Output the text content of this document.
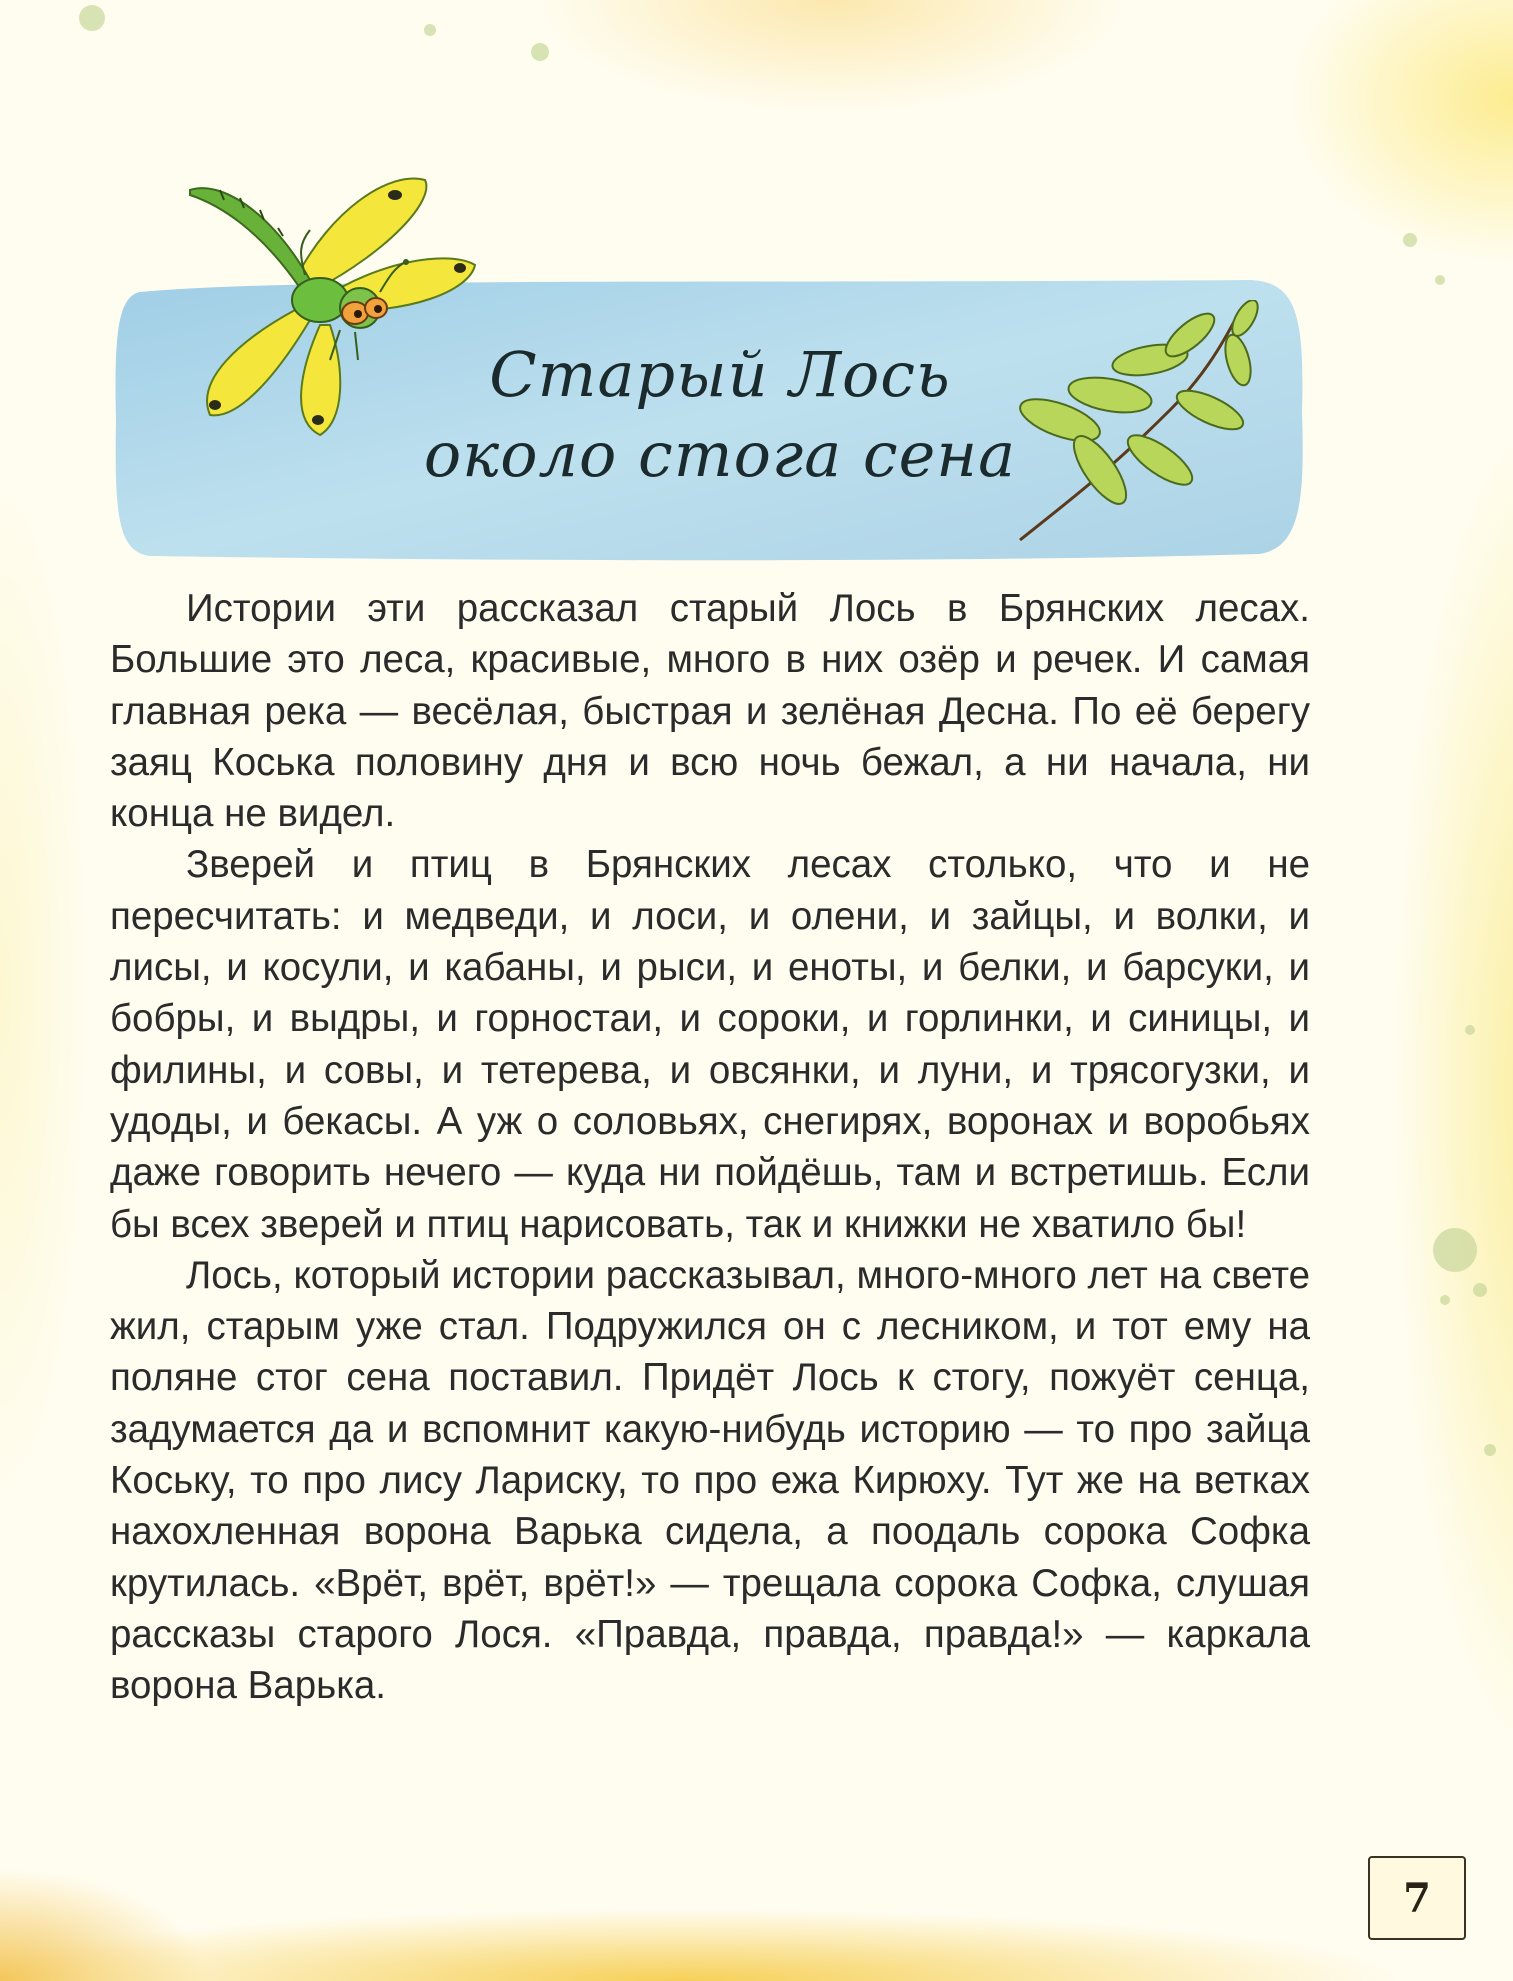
Старый Лось
около стога сена

Истории эти рассказал старый Лось в Брянских лесах. Большие это леса, красивые, много в них озёр и речек. И самая главная река — весёлая, быстрая и зелёная Десна. По её берегу заяц Коська половину дня и всю ночь бежал, а ни начала, ни конца не видел.

Зверей и птиц в Брянских лесах столько, что и не пересчитать: и медведи, и лоси, и олени, и зайцы, и волки, и лисы, и косули, и кабаны, и рыси, и еноты, и белки, и барсуки, и бобры, и выдры, и горностаи, и сороки, и горлинки, и синицы, и филины, и совы, и тетерева, и овсянки, и луни, и трясогузки, и удоды, и бекасы. А уж о соловьях, снегирях, воронах и воробьях даже говорить нечего — куда ни пойдёшь, там и встретишь. Если бы всех зверей и птиц нарисовать, так и книжки не хватило бы!

Лось, который истории рассказывал, много-много лет на свете жил, старым уже стал. Подружился он с лесником, и тот ему на поляне стог сена поставил. Придёт Лось к стогу, пожуёт сенца, задумается да и вспомнит какую-нибудь историю — то про зайца Коську, то про лису Лариску, то про ежа Кирюху. Тут же на ветках нахохленная ворона Варька сидела, а поодаль сорока Софка крутилась. «Врёт, врёт, врёт!» — трещала сорока Софка, слушая рассказы старого Лося. «Правда, правда, правда!» — каркала ворона Варька.

7
